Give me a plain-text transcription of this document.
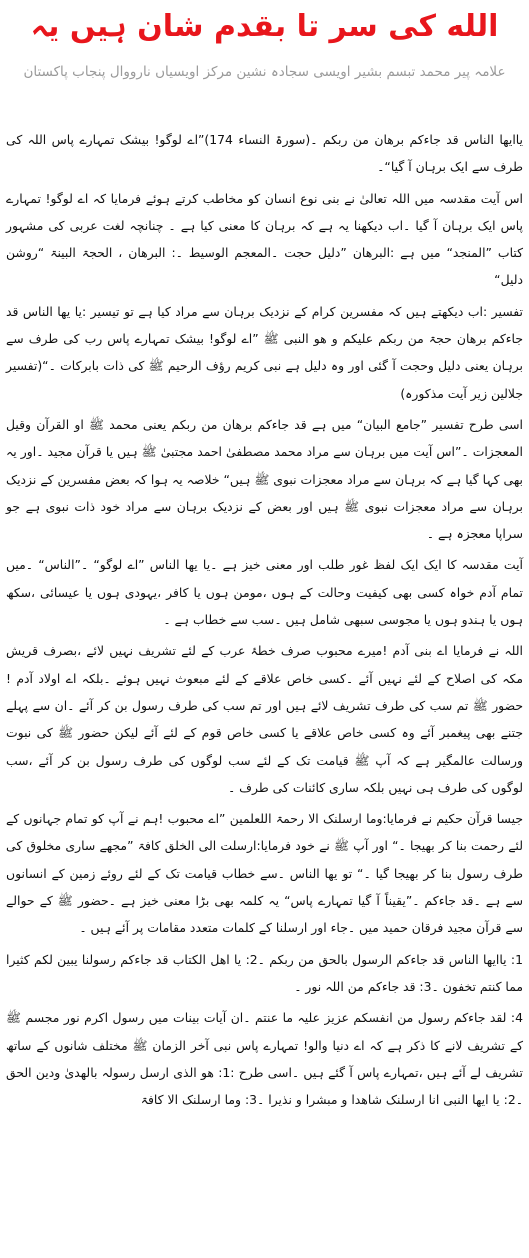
الله کی سر تا بقدم شان ہیں یہ
علامہ پیر محمد تبسم بشیر اویسی سجادہ نشین مرکز اویسیاں نارووال پنجاب پاکستان

یاایھا الناس قد جاءکم برھان من ربکم ۔(سورۃ النساء 174)”اے لوگو! بیشک تمہارے پاس اللہ کی طرف سے ایک برہان آ گیا“۔

اس آیت مقدسہ میں اللہ تعالیٰ نے بنی نوع انسان کو مخاطب کرتے ہوئے فرمایا کہ اے لوگو! تمہارے پاس ایک برہان آ گیا ۔اب دیکھنا یہ ہے کہ برہان کا معنی کیا ہے ۔ چنانچہ لغت عربی کی مشہور کتاب ”المنجد“ میں ہے :البرھان ”دلیل حجت ۔المعجم الوسیط ۔: البرھان ، الحجۃ البینۃ “روشن دلیل“

تفسیر :اب دیکھتے ہیں کہ مفسرین کرام کے نزدیک برہان سے مراد کیا ہے تو تیسیر :یا یھا الناس قد جاءکم برھان حجۃ من ربکم علیکم و ھو النبی ﷺ ”اے لوگو! بیشک تمہارے پاس رب کی طرف سے برہان یعنی دلیل وحجت آ گئی اور وہ دلیل ہے نبی کریم رؤف الرحیم ﷺ کی ذات بابرکات ۔“(تفسیر جلالین زیر آیت مذکورہ)

اسی طرح تفسیر ”جامع البیان“ میں ہے قد جاءکم برھان من ربکم یعنی محمد ﷺ او القرآن وقیل المعجزات ۔”اس آیت میں برہان سے مراد محمد مصطفیٰ احمد مجتبیٰ ﷺ ہیں یا قرآن مجید ۔اور یہ بھی کہا گیا ہے کہ برہان سے مراد معجزات نبوی ﷺ ہیں“ خلاصہ یہ ہوا کہ بعض مفسرین کے نزدیک برہان سے مراد معجزات نبوی ﷺ ہیں اور بعض کے نزدیک برہان سے مراد خود ذات نبوی ہے جو سراپا معجزہ ہے ۔

آیت مقدسہ کا ایک ایک لفظ غور طلب اور معنی خیز ہے ۔یا یھا الناس ”اے لوگو“ ۔”الناس“ ۔میں تمام آدم خواہ کسی بھی کیفیت وحالت کے ہوں ،مومن ہوں یا کافر ،یہودی ہوں یا عیسائی ،سکھ ہوں یا ہندو ہوں یا مجوسی سبھی شامل ہیں ۔سب سے خطاب ہے ۔

اللہ نے فرمایا اے بنی آدم !میرے محبوب صرف خطۂ عرب کے لئے تشریف نہیں لائے ،بصرف قریش مکہ کی اصلاح کے لئے نہیں آئے ۔کسی خاص علاقے کے لئے مبعوث نہیں ہوئے ۔بلکہ اے اولاد آدم !حضور ﷺ تم سب کی طرف تشریف لائے ہیں اور تم سب کی طرف رسول بن کر آئے ۔ان سے پہلے جتنے بھی پیغمبر آئے وہ کسی خاص علاقے یا کسی خاص قوم کے لئے آئے لیکن حضور ﷺ کی نبوت ورسالت عالمگیر ہے کہ آپ ﷺ قیامت تک کے لئے سب لوگوں کی طرف رسول بن کر آئے ،سب لوگوں کی طرف ہی نہیں بلکہ ساری کائنات کی طرف ۔

جیسا قرآن حکیم نے فرمایا:وما ارسلنک الا رحمۃ اللعلمین ”اے محبوب !ہم نے آپ کو تمام جہانوں کے لئے رحمت بنا کر بھیجا ۔“ اور آپ ﷺ نے خود فرمایا:ارسلت الی الخلق کافۃ ”مجھے ساری مخلوق کی طرف رسول بنا کر بھیجا گیا ۔“ تو یھا الناس ۔سے خطاب قیامت تک کے لئے روئے زمین کے انسانوں سے ہے ۔قد جاءکم ۔”یقیناً آ گیا تمہارے پاس“ یہ کلمہ بھی بڑا معنی خیز ہے ۔حضور ﷺ کے حوالے سے قرآن مجید فرقان حمید میں ۔جاء اور ارسلنا کے کلمات متعدد مقامات پر آئے ہیں ۔

1: یاایھا الناس قد جاءکم الرسول بالحق من ربکم ۔2: یا اھل الکتاب قد جاءکم رسولنا یبین لکم کثیرا مما کنتم تخفون ۔3: قد جاءکم من اللہ نور ۔

4: لقد جاءکم رسول من انفسکم عزیز علیہ ما عنتم ۔ان آیات بینات میں رسول اکرم نور مجسم ﷺ کے تشریف لانے کا ذکر ہے کہ اے دنیا والو! تمہارے پاس نبی آخر الزمان ﷺ مختلف شانوں کے ساتھ تشریف لے آئے ہیں ،تمہارے پاس آ گئے ہیں ۔اسی طرح :1: ھو الذی ارسل رسولہ بالھدیٰ ودین الحق ۔2: یا ایھا النبی انا ارسلنک شاھدا و مبشرا و نذیرا ۔3: وما ارسلنک الا کافۃ
